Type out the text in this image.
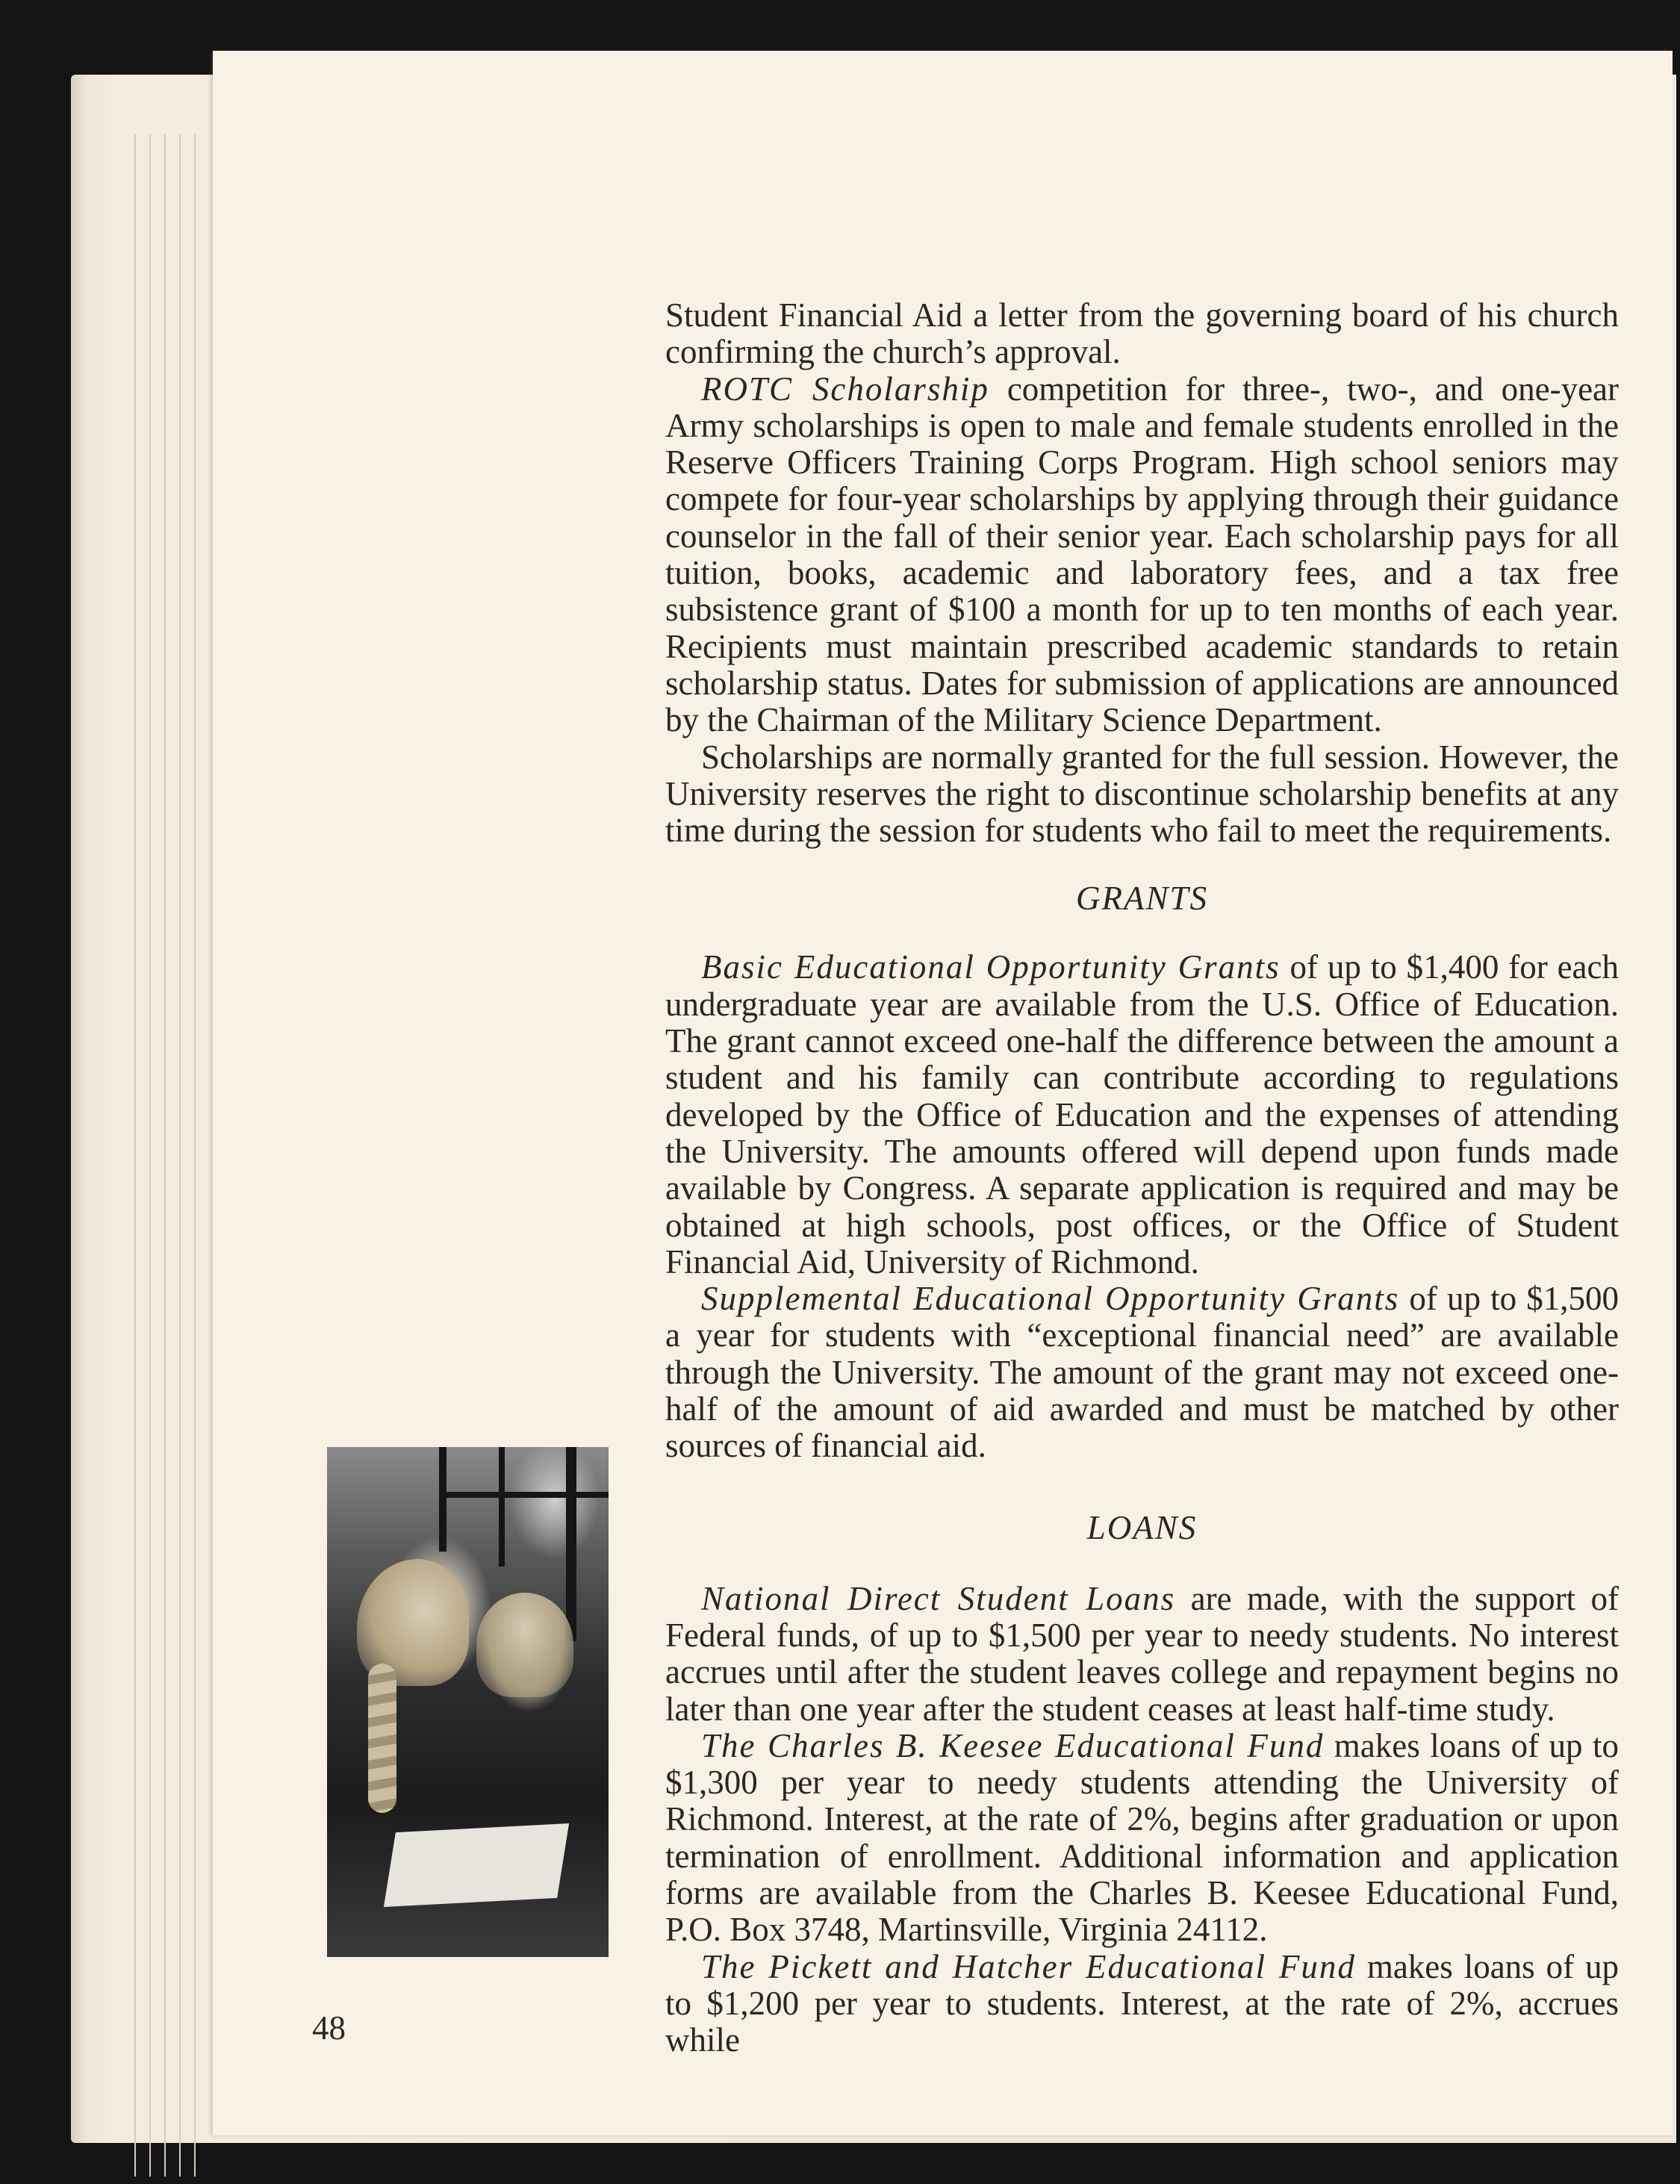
Student Financial Aid a letter from the governing board of his church confirming the church’s approval.

ROTC Scholarship competition for three-, two-, and one-year Army scholarships is open to male and female students enrolled in the Reserve Officers Training Corps Program. High school seniors may compete for four-year scholarships by applying through their guidance counselor in the fall of their senior year. Each scholarship pays for all tuition, books, academic and laboratory fees, and a tax free subsistence grant of $100 a month for up to ten months of each year. Recipients must maintain prescribed academic standards to retain scholarship status. Dates for submission of applications are announced by the Chairman of the Military Science Department.

Scholarships are normally granted for the full session. However, the University reserves the right to discontinue scholarship benefits at any time during the session for students who fail to meet the requirements.

GRANTS

Basic Educational Opportunity Grants of up to $1,400 for each undergraduate year are available from the U.S. Office of Education. The grant cannot exceed one-half the difference between the amount a student and his family can contribute according to regulations developed by the Office of Education and the expenses of attending the University. The amounts offered will depend upon funds made available by Congress. A separate application is required and may be obtained at high schools, post offices, or the Office of Student Financial Aid, University of Richmond.

Supplemental Educational Opportunity Grants of up to $1,500 a year for students with “exceptional financial need” are available through the University. The amount of the grant may not exceed one-half of the amount of aid awarded and must be matched by other sources of financial aid.

LOANS

National Direct Student Loans are made, with the support of Federal funds, of up to $1,500 per year to needy students. No interest accrues until after the student leaves college and repayment begins no later than one year after the student ceases at least half-time study.

The Charles B. Keesee Educational Fund makes loans of up to $1,300 per year to needy students attending the University of Richmond. Interest, at the rate of 2%, begins after graduation or upon termination of enrollment. Additional information and application forms are available from the Charles B. Keesee Educational Fund, P.O. Box 3748, Martinsville, Virginia 24112.

The Pickett and Hatcher Educational Fund makes loans of up to $1,200 per year to students. Interest, at the rate of 2%, accrues while

48
